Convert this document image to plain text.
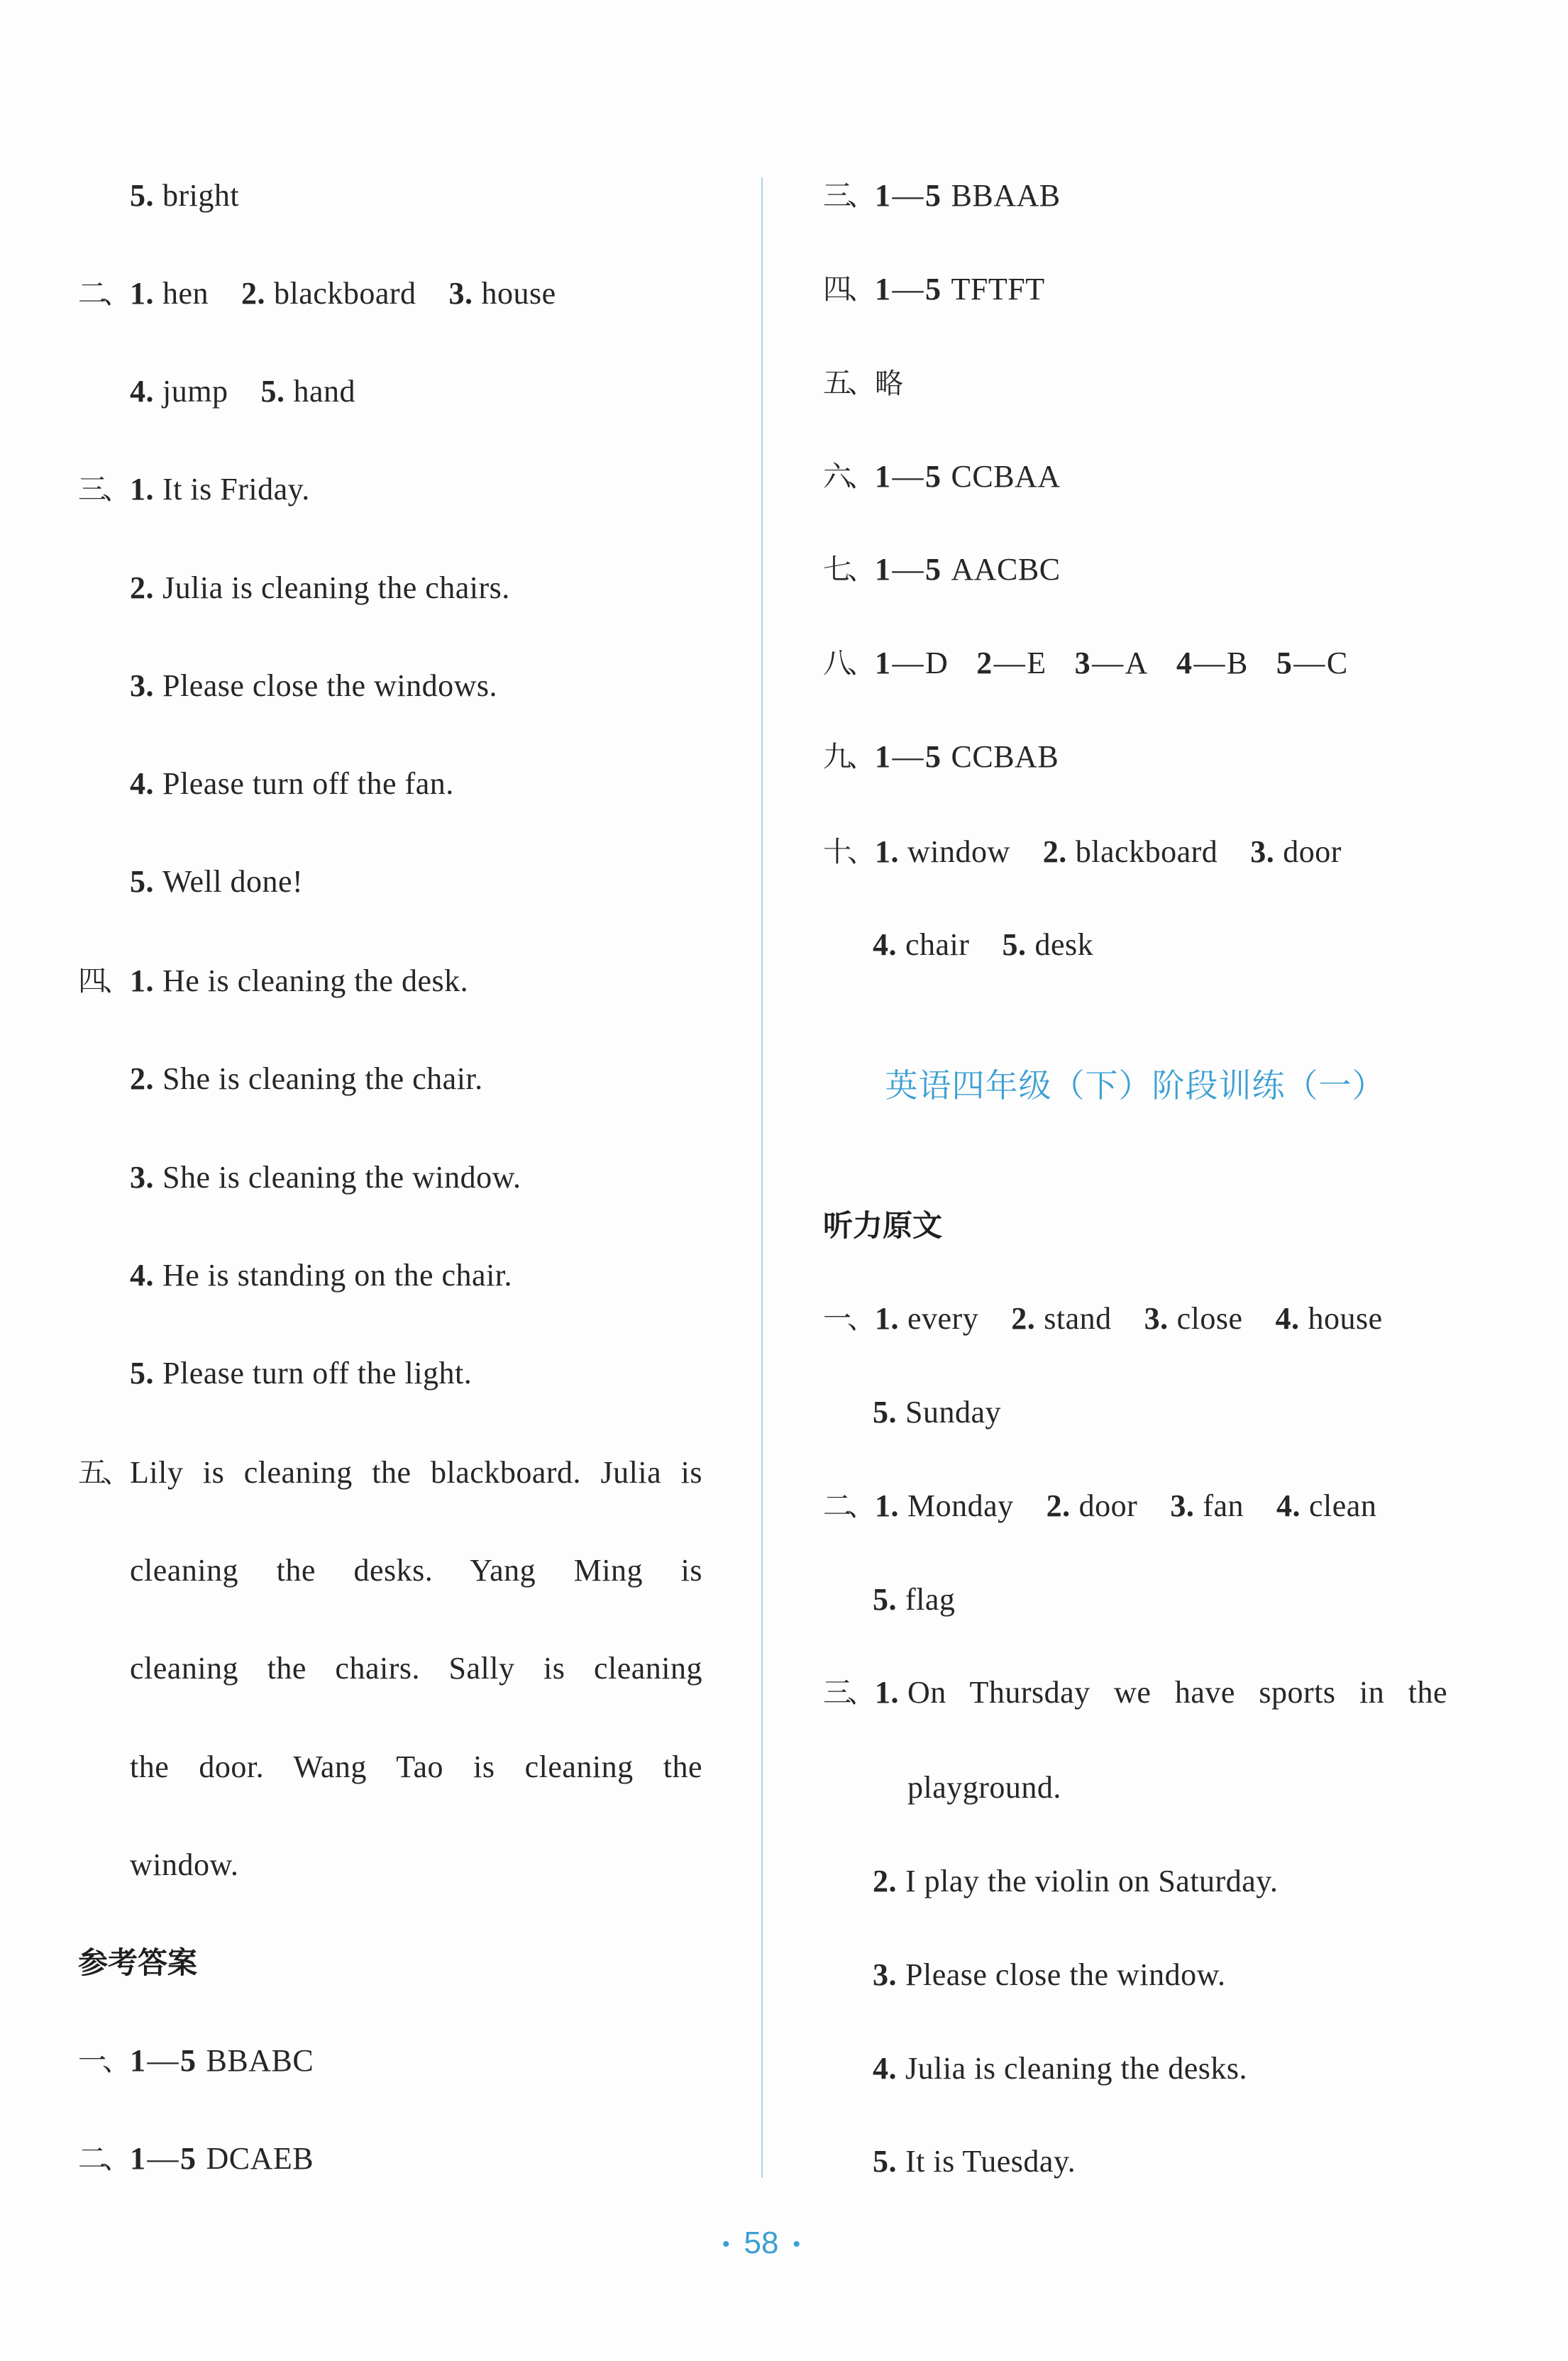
5. bright
二、 1. hen 2. blackboard 3. house
4. jump 5. hand
三、 1. It is Friday.
2. Julia is cleaning the chairs.
3. Please close the windows.
4. Please turn off the fan.
5. Well done!
四、 1. He is cleaning the desk.
2. She is cleaning the chair.
3. She is cleaning the window.
4. He is standing on the chair.
5. Please turn off the light.
五、 Lily is cleaning the blackboard. Julia is
cleaning the desks. Yang Ming is
cleaning the chairs. Sally is cleaning
the door. Wang Tao is cleaning the
window.
参考答案
一、 1—5 BBABC
二、 1—5 DCAEB
三、 1—5 BBAAB
四、 1—5 TFTFT
五、 略
六、 1—5 CCBAA
七、 1—5 AACBC
八、 1—D 2—E 3—A 4—B 5—C
九、 1—5 CCBAB
十、 1. window 2. blackboard 3. door
4. chair 5. desk
英语四年级（下）阶段训练（一）
听力原文
一、 1. every 2. stand 3. close 4. house
5. Sunday
二、 1. Monday 2. door 3. fan 4. clean
5. flag
三、 1. On Thursday we have sports in the
playground.
2. I play the violin on Saturday.
3. Please close the window.
4. Julia is cleaning the desks.
5. It is Tuesday.
• 58 •
